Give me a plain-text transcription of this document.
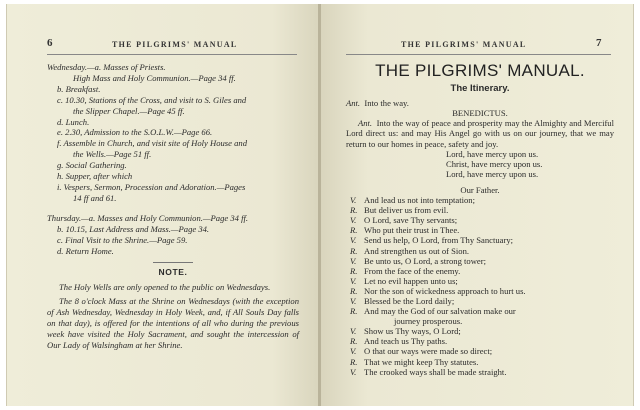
6	THE PILGRIMS' MANUAL
Wednesday.—a. Masses of Priests.
High Mass and Holy Communion.—Page 34 ff.
b. Breakfast.
c. 10.30, Stations of the Cross, and visit to S. Giles and
the Slipper Chapel.—Page 45 ff.
d. Lunch.
e. 2.30, Admission to the S.O.L.W.—Page 66.
f. Assemble in Church, and visit site of Holy House and
the Wells.—Page 51 ff.
g. Social Gathering.
h. Supper, after which
i. Vespers, Sermon, Procession and Adoration.—Pages
14 ff and 61.
Thursday.—a. Masses and Holy Communion.—Page 34 ff.
b. 10.15, Last Address and Mass.—Page 34.
c. Final Visit to the Shrine.—Page 59.
d. Return Home.
NOTE.
The Holy Wells are only opened to the public on Wednesdays.
The 8 o'clock Mass at the Shrine on Wednesdays (with the exception of Ash Wednesday, Wednesday in Holy Week, and, if All Souls Day falls on that day), is offered for the intentions of all who during the previous week have visited the Holy Sacrament, and sought the intercession of Our Lady of Walsingham at her Shrine.
THE PILGRIMS' MANUAL	7
THE PILGRIMS' MANUAL.
The Itinerary.
Ant. Into the way.
BENEDICTUS.
Ant. Into the way of peace and prosperity may the Almighty and Merciful Lord direct us: and may His Angel go with us on our journey, that we may return to our homes in peace, safety and joy.
Lord, have mercy upon us.
Christ, have mercy upon us.
Lord, have mercy upon us.
Our Father.
V. And lead us not into temptation;
R. But deliver us from evil.
V. O Lord, save Thy servants;
R. Who put their trust in Thee.
V. Send us help, O Lord, from Thy Sanctuary;
R. And strengthen us out of Sion.
V. Be unto us, O Lord, a strong tower;
R. From the face of the enemy.
V. Let no evil happen unto us;
R. Nor the son of wickedness approach to hurt us.
V. Blessed be the Lord daily;
R. And may the God of our salvation make our
journey prosperous.
V. Show us Thy ways, O Lord;
R. And teach us Thy paths.
V. O that our ways were made so direct;
R. That we might keep Thy statutes.
V. The crooked ways shall be made straight.
